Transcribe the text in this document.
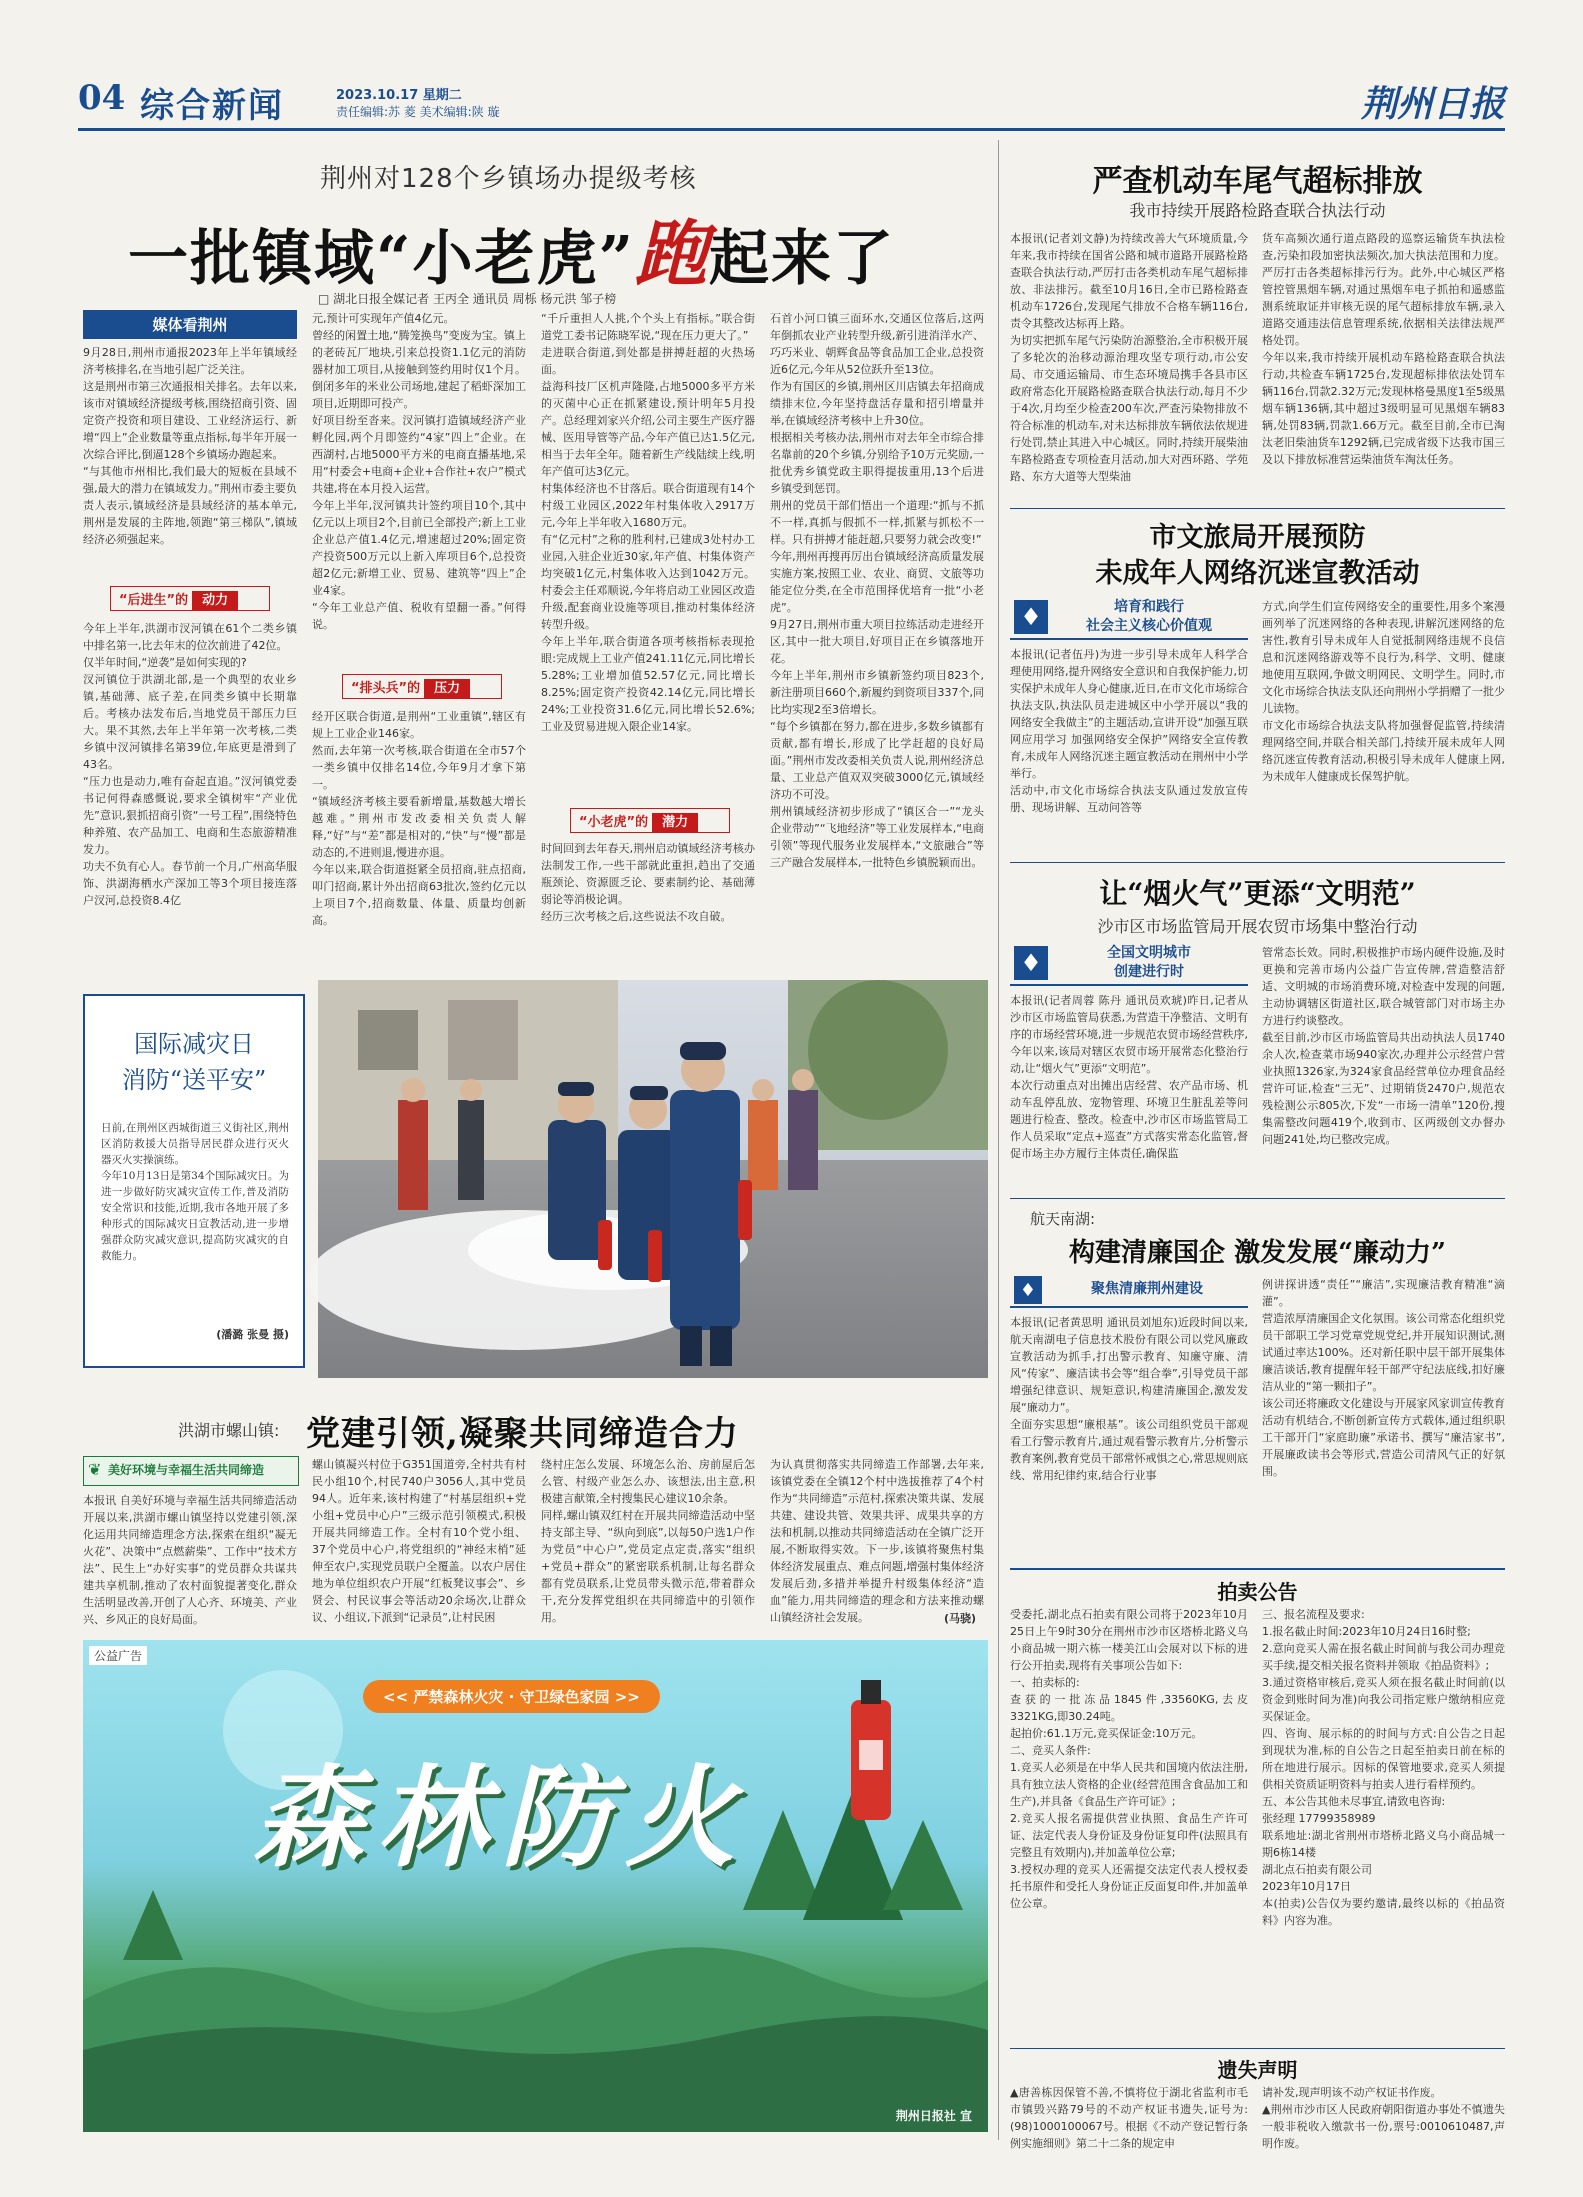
04 综合新闻	2023.10.17 星期二
责任编辑:苏 菱 美术编辑:陕 璇	荆州日报
荆州对128个乡镇场办提级考核
一批镇域“小老虎”跑起来了
□ 湖北日报全媒记者 王丙全 通讯员 周栎 杨元洪 邹子榜
媒体看荆州
9月28日,荆州市通报2023年上半年镇域经济考核排名,在当地引起广泛关注。
这是荆州市第三次通报相关排名。去年以来,该市对镇域经济提级考核,围绕招商引资、固定资产投资和项目建设、工业经济运行、新增“四上”企业数量等重点指标,每半年开展一次综合评比,倒逼128个乡镇场办跑起来。
“与其他市州相比,我们最大的短板在县域不强,最大的潜力在镇域发力。”荆州市委主要负责人表示,镇域经济是县域经济的基本单元,荆州是发展的主阵地,领跑“第三梯队”,镇域经济必须强起来。
“后进生”的 动力
今年上半年,洪湖市汊河镇在61个二类乡镇中排名第一,比去年末的位次前进了42位。
仅半年时间,“逆袭”是如何实现的?
汊河镇位于洪湖北部,是一个典型的农业乡镇,基础薄、底子差,在同类乡镇中长期靠后。考核办法发布后,当地党员干部压力巨大。果不其然,去年上半年第一次考核,二类乡镇中汊河镇排名第39位,年底更是滑到了43名。
“压力也是动力,唯有奋起直追。”汊河镇党委书记何得森感慨说,要求全镇树牢“产业优先”意识,狠抓招商引资“一号工程”,围绕特色种养殖、农产品加工、电商和生态旅游精准发力。
功夫不负有心人。春节前一个月,广州高华服饰、洪湖海栖水产深加工等3个项目接连落户汊河,总投资8.4亿
元,预计可实现年产值4亿元。
曾经的闲置土地,“腾笼换鸟”变废为宝。镇上的老砖瓦厂地块,引来总投资1.1亿元的消防器材加工项目,从接触到签约用时仅1个月。倒闭多年的米业公司场地,建起了稻虾深加工项目,近期即可投产。
好项目纷至沓来。汊河镇打造镇域经济产业孵化园,两个月即签约“4家”四上”企业。在西湖村,占地5000平方米的电商直播基地,采用“村委会+电商+企业+合作社+农户”模式共建,将在本月投入运营。
今年上半年,汊河镇共计签约项目10个,其中亿元以上项目2个,目前已全部投产;新上工业企业总产值1.4亿元,增速超过20%;固定资产投资500万元以上新入库项目6个,总投资超2亿元;新增工业、贸易、建筑等“四上”企业4家。
“今年工业总产值、税收有望翻一番。”何得说。
“排头兵”的 压力
经开区联合街道,是荆州“工业重镇”,辖区有规上工业企业146家。
然而,去年第一次考核,联合街道在全市57个一类乡镇中仅排名14位,今年9月才拿下第一。
“镇域经济考核主要看新增量,基数越大增长越难。”荆州市发改委相关负责人解释,“好”与“差”都是相对的,“快”与“慢”都是动态的,不进则退,慢进亦退。
今年以来,联合街道挺紧全员招商,驻点招商,叩门招商,累计外出招商63批次,签约亿元以上项目7个,招商数量、体量、质量均创新高。
“千斤重担人人挑,个个头上有指标。”联合街道党工委书记陈晓军说,“现在压力更大了。”
走进联合街道,到处都是拼搏赶超的火热场面。
益海科技厂区机声隆隆,占地5000多平方米的灭菌中心正在抓紧建设,预计明年5月投产。总经理刘家兴介绍,公司主要生产医疗器械、医用导管等产品,今年产值已达1.5亿元,相当于去年全年。随着新生产线陆续上线,明年产值可达3亿元。
村集体经济也不甘落后。联合街道现有14个村级工业园区,2022年村集体收入2917万元,今年上半年收入1680万元。
有“亿元村”之称的胜利村,已建成3处村办工业园,入驻企业近30家,年产值、村集体资产均突破1亿元,村集体收入达到1042万元。村委会主任邓顺说,今年将启动工业园区改造升级,配套商业设施等项目,推动村集体经济转型升级。
今年上半年,联合街道各项考核指标表现抢眼:完成规上工业产值241.11亿元,同比增长5.28%;工业增加值52.57亿元,同比增长8.25%;固定资产投资42.14亿元,同比增长24%;工业投资31.6亿元,同比增长52.6%;工业及贸易进规入限企业14家。
“小老虎”的 潜力
时间回到去年春天,荆州启动镇域经济考核办法制发工作,一些干部就此重担,趋出了交通瓶颈论、资源匮乏论、要素制约论、基础薄弱论等消极论调。
经历三次考核之后,这些说法不攻自破。
石首小河口镇三面环水,交通区位落后,这两年倒抓农业产业转型升级,新引进消洋水产、巧巧米业、朝辉食品等食品加工企业,总投资近6亿元,今年从52位跃升至13位。
作为有国区的乡镇,荆州区川店镇去年招商成绩排末位,今年坚持盘活存量和招引增量并举,在镇域经济考核中上升30位。
根据相关考核办法,荆州市对去年全市综合排名靠前的20个乡镇,分别给予10万元奖励,一批优秀乡镇党政主职得提拔重用,13个后进乡镇受到惩罚。
荆州的党员干部们悟出一个道理:“抓与不抓不一样,真抓与假抓不一样,抓紧与抓松不一样。只有拼搏才能赶超,只要努力就会改变!”
今年,荆州再搜再厉出台镇域经济高质量发展实施方案,按照工业、农业、商贸、文旅等功能定位分类,在全市范围择优培育一批“小老虎”。
9月27日,荆州市重大项目拉练活动走进经开区,其中一批大项目,好项目正在乡镇落地开花。
今年上半年,荆州市乡镇新签约项目823个,新注册项目660个,新履约到资项目337个,同比均实现2至3倍增长。
“每个乡镇都在努力,都在进步,多数乡镇都有贡献,都有增长,形成了比学赶超的良好局面。”荆州市发改委相关负责人说,荆州经济总量、工业总产值双双突破3000亿元,镇域经济功不可没。
荆州镇域经济初步形成了“镇区合一”“龙头企业带动”“飞地经济”等工业发展样本,“电商引领”等现代服务业发展样本,“文旅融合”等三产融合发展样本,一批特色乡镇脱颖而出。
严查机动车尾气超标排放
我市持续开展路检路查联合执法行动
本报讯(记者刘文静)为持续改善大气环境质量,今年来,我市持续在国省公路和城市道路开展路检路查联合执法行动,严厉打击各类机动车尾气超标排放、非法排污。截至10月16日,全市已路检路查机动车1726台,发现尾气排放不合格车辆116台,责令其整改达标再上路。
为切实把抓车尾气污染防治源整治,全市积极开展了多轮次的治移动源治理攻坚专项行动,市公安局、市交通运输局、市生态环境局携手各县市区政府常态化开展路检路查联合执法行动,每月不少于4次,月均至少检查200车次,严查污染物排放不符合标准的机动车,对未达标排放车辆依法依规进行处罚,禁止其进入中心城区。同时,持续开展柴油车路检路查专项检查月活动,加大对西环路、学苑路、东方大道等大型柴油
货车高频次通行道点路段的巡察运输货车执法检查,污染扣段加密执法频次,加大执法范围和力度。严厉打击各类超标排污行为。此外,中心城区严格管控管黑烟车辆,对通过黑烟车电子抓拍和遥感监测系统取证并审核无误的尾气超标排放车辆,录入道路交通违法信息管理系统,依据相关法律法规严格处罚。
今年以来,我市持续开展机动车路检路查联合执法行动,共检查车辆1725台,发现超标排依法处罚车辆116台,罚款2.32万元;发现林格曼黑度1至5级黑烟车辆136辆,其中超过3级明显可见黑烟车辆83辆,处罚83辆,罚款1.66万元。截至目前,全市已淘汰老旧柴油货车1292辆,已完成省级下达我市国三及以下排放标准营运柴油货车淘汰任务。
市文旅局开展预防
未成年人网络沉迷宣教活动
♦	培育和践行
社会主义核心价值观
本报讯(记者伍丹)为进一步引导未成年人科学合理使用网络,提升网络安全意识和自我保护能力,切实保护未成年人身心健康,近日,在市文化市场综合执法支队,执法队员走进城区中小学开展以“我的网络安全我做主”的主题活动,宣讲开设“加强互联网应用学习 加强网络安全保护”网络安全宣传教育,未成年人网络沉迷主题宣教活动在荆州中小学举行。
活动中,市文化市场综合执法支队通过发放宣传册、现场讲解、互动问答等
方式,向学生们宣传网络安全的重要性,用多个案漫画列举了沉迷网络的各种表现,讲解沉迷网络的危害性,教育引导未成年人自觉抵制网络违规不良信息和沉迷网络游戏等不良行为,科学、文明、健康地使用互联网,争做文明网民、文明学生。同时,市文化市场综合执法支队还向荆州小学捐赠了一批少儿读物。
市文化市场综合执法支队将加强督促监管,持续清理网络空间,并联合相关部门,持续开展未成年人网络沉迷宣传教育活动,积极引导未成年人健康上网,为未成年人健康成长保驾护航。
让“烟火气”更添“文明范”
沙市区市场监管局开展农贸市场集中整治行动
♦	全国文明城市
创建进行时
本报讯(记者周蓉 陈丹 通讯员欢琥)昨日,记者从沙市区市场监管局获悉,为营造干净整洁、文明有序的市场经营环境,进一步规范农贸市场经营秩序,今年以来,该局对辖区农贸市场开展常态化整治行动,让“烟火气”更添“文明范”。
本次行动重点对出摊出店经营、农产品市场、机动车乱停乱放、宠物管理、环境卫生脏乱差等问题进行检查、整改。检查中,沙市区市场监管局工作人员采取“定点+巡查”方式落实常态化监管,督促市场主办方履行主体责任,确保监
管常态长效。同时,积极推护市场内硬件设施,及时更换和完善市场内公益广告宣传牌,营造整洁舒适、文明城的市场消费环境,对检查中发现的问题,主动协调辖区街道社区,联合城管部门对市场主办方进行约谈整改。
截至目前,沙市区市场监管局共出动执法人员1740余人次,检查菜市场940家次,办理并公示经营户营业执照1326家,为324家食品经营单位办理食品经营许可证,检查“三无”、过期销货2470户,规范农残检测公示805次,下发“一市场一清单”120份,搜集需整改问题419个,收到市、区两级创文办督办问题241处,均已整改完成。
航天南湖:
构建清廉国企 激发发展“廉动力”
♦	聚焦清廉荆州建设
本报讯(记者黄思明 通讯员刘旭东)近段时间以来,航天南湖电子信息技术股份有限公司以党风廉政宣教活动为抓手,打出警示教育、知廉守廉、清风“传家”、廉洁读书会等“组合拳”,引导党员干部增强纪律意识、规矩意识,构建清廉国企,激发发展“廉动力”。
全面夯实思想“廉根基”。该公司组织党员干部观看工行警示教育片,通过观看警示教育片,分析警示教育案例,教育党员干部常怀戒惧之心,常思规则底线、常用纪律约束,结合行业事
例讲探讲透“责任”“廉洁”,实现廉洁教育精准“滴灌”。
营造浓厚清廉国企文化氛围。该公司常态化组织党员干部职工学习党章党规党纪,并开展知识测试,测试通过率达100%。还对新任职中层干部开展集体廉洁谈话,教育提醒年轻干部严守纪法底线,扣好廉洁从业的“第一颗扣子”。
该公司还将廉政文化建设与开展家风家训宣传教育活动有机结合,不断创新宣传方式载体,通过组织职工干部开门“家庭助廉”承诺书、撰写“廉洁家书”,开展廉政读书会等形式,营造公司清风气正的好氛围。
国际减灾日
消防“送平安”
日前,在荆州区西城街道三义街社区,荆州区消防救援大员指导居民群众进行灭火器灭火实操演练。
今年10月13日是第34个国际减灾日。为进一步做好防灾减灾宣传工作,普及消防安全常识和技能,近期,我市各地开展了多种形式的国际减灾日宣教活动,进一步增强群众防灾减灾意识,提高防灾减灾的自救能力。
(潘潞 张曼 摄)
洪湖市螺山镇: 党建引领,凝聚共同缔造合力
❦ 美好环境与幸福生活共同缔造
本报讯 自美好环境与幸福生活共同缔造活动开展以来,洪湖市螺山镇坚持以党建引领,深化运用共同缔造理念方法,探索在组织“凝无火花”、决策中“点燃薪柴”、工作中“技术方法”、民生上“办好实事”的党员群众共谋共建共享机制,推动了农村面貌提著变化,群众生活明显改善,开创了人心齐、环境美、产业兴、乡风正的良好局面。
螺山镇凝兴村位于G351国道旁,全村共有村民小组10个,村民740户3056人,其中党员94人。近年来,该村构建了“村基层组织+党小组+党员中心户”三级示范引领模式,积极开展共同缔造工作。全村有10个党小组、37个党员中心户,将党组织的“神经末梢”延伸至农户,实现党员联户全覆盖。以农户居住地为单位组织农户开展“红板凳议事会”、乡贤会、村民议事会等活动20余场次,让群众议、小组议,下派到“记录员”,让村民困
绕村庄怎么发展、环境怎么治、房前屋后怎么管、村级产业怎么办、该想法,出主意,积极建言献策,全村搜集民心建议10余条。
同样,螺山镇双红村在开展共同缔造活动中坚持支部主导、“纵向到底”,以每50户选1户作为党员“中心户”,党员定点定责,落实“组织+党员+群众”的紧密联系机制,让每名群众都有党员联系,让党员带头微示范,带着群众干,充分发挥党组织在共同缔造中的引领作用。
为认真贯彻落实共同缔造工作部署,去年来,该镇党委在全镇12个村中选拔推荐了4个村作为“共同缔造”示范村,探索决策共谋、发展共建、建设共管、效果共评、成果共享的方法和机制,以推动共同缔造活动在全镇广泛开展,不断取得实效。下一步,该镇将聚焦村集体经济发展重点、难点问题,增强村集体经济发展后劲,多措并举提升村级集体经济“造血”能力,用共同缔造的理念和方法来推动螺山镇经济社会发展。	(马骁)
公益广告
<< 严禁森林火灾 · 守卫绿色家园 >>
森林防火
荆州日报社 宣
拍卖公告
受委托,湖北点石拍卖有限公司将于2023年10月25日上午9时30分在荆州市沙市区塔桥北路义乌小商品城一期六栋一楼美江山会展对以下标的进行公开拍卖,现将有关事项公告如下:
一、拍卖标的:
查获的一批冻品1845件,33560KG,去皮3321KG,即30.24吨。
起拍价:61.1万元,竞买保证金:10万元。
二、竞买人条件:
1.竞买人必须是在中华人民共和国境内依法注册,具有独立法人资格的企业(经营范围含食品加工和生产),并具备《食品生产许可证》;
2.竞买人报名需提供营业执照、食品生产许可证、法定代表人身份证及身份证复印件(法照具有完整且有效期内),并加盖单位公章;
3.授权办理的竞买人还需提交法定代表人授权委托书原件和受托人身份证正反面复印件,并加盖单位公章。
三、报名流程及要求:
1.报名截止时间:2023年10月24日16时整;
2.意向竞买人需在报名截止时间前与我公司办理竞买手续,提交相关报名资料并领取《拍品资料》;
3.通过资格审核后,竞买人须在报名截止时间前(以资金到账时间为准)向我公司指定账户缴纳相应竞买保证金。
四、咨询、展示标的的时间与方式:自公告之日起到现状为准,标的自公告之日起至拍卖日前在标的所在地进行展示。因标的保管地要求,竞买人须提供相关资质证明资料与拍卖人进行看样预约。
五、本公告其他未尽事宜,请致电咨询:
张经理 17799358989
联系地址:湖北省荆州市塔桥北路义乌小商品城一期6栋14楼
湖北点石拍卖有限公司
2023年10月17日
本(拍卖)公告仅为要约邀请,最终以标的《拍品资料》内容为准。
遗失声明
▲唐善栋因保管不善,不慎将位于湖北省监利市毛市镇毁兴路79号的不动产权证书遗失,证号为:(98)1000100067号。根据《不动产登记暂行条例实施细则》第二十二条的规定申
请补发,现声明该不动产权证书作废。
▲荆州市沙市区人民政府朝阳街道办事处不慎遗失一般非税收入缴款书一份,票号:0010610487,声明作废。
